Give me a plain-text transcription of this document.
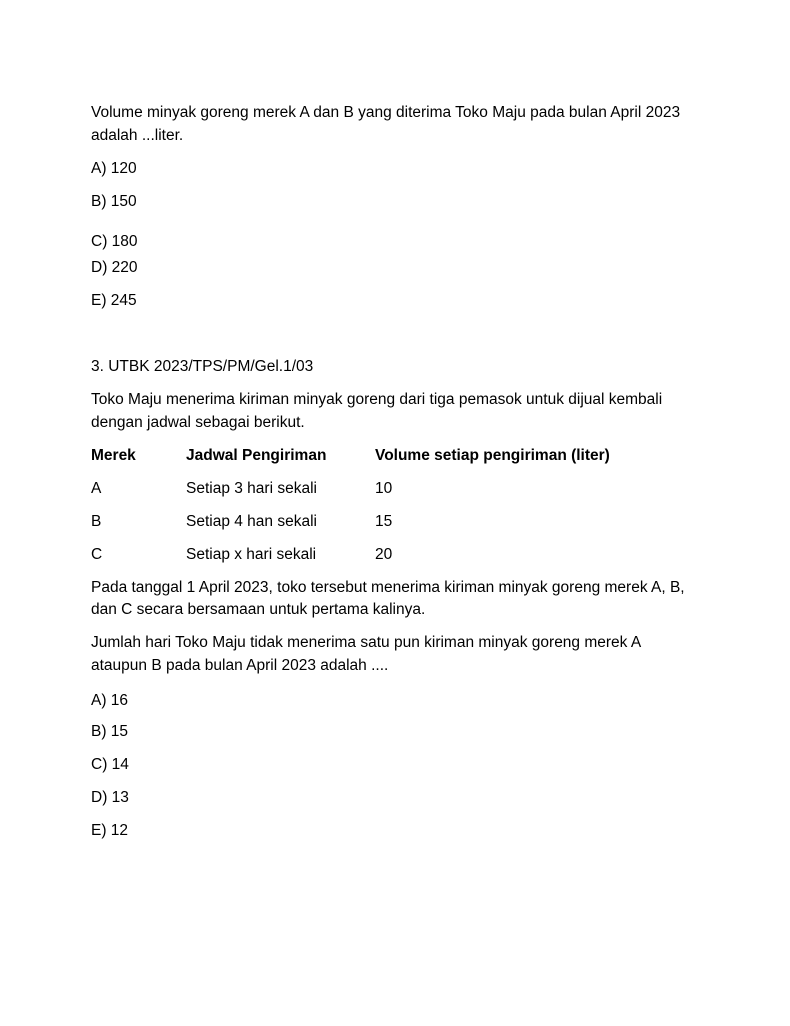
Volume minyak goreng merek A dan B yang diterima Toko Maju pada bulan April 2023
adalah ...liter.
A) 120
B) 150
C) 180
D) 220
E) 245
3. UTBK 2023/TPS/PM/Gel.1/03
Toko Maju menerima kiriman minyak goreng dari tiga pemasok untuk dijual kembali
dengan jadwal sebagai berikut.
Merek	Jadwal Pengiriman	Volume setiap pengiriman (liter)
A	Setiap 3 hari sekali	10
B	Setiap 4 han sekali	15
C	Setiap x hari sekali	20
Pada tanggal 1 April 2023, toko tersebut menerima kiriman minyak goreng merek A, B,
dan C secara bersamaan untuk pertama kalinya.
Jumlah hari Toko Maju tidak menerima satu pun kiriman minyak goreng merek A
ataupun B pada bulan April 2023 adalah ....
A) 16
B) 15
C) 14
D) 13
E) 12
